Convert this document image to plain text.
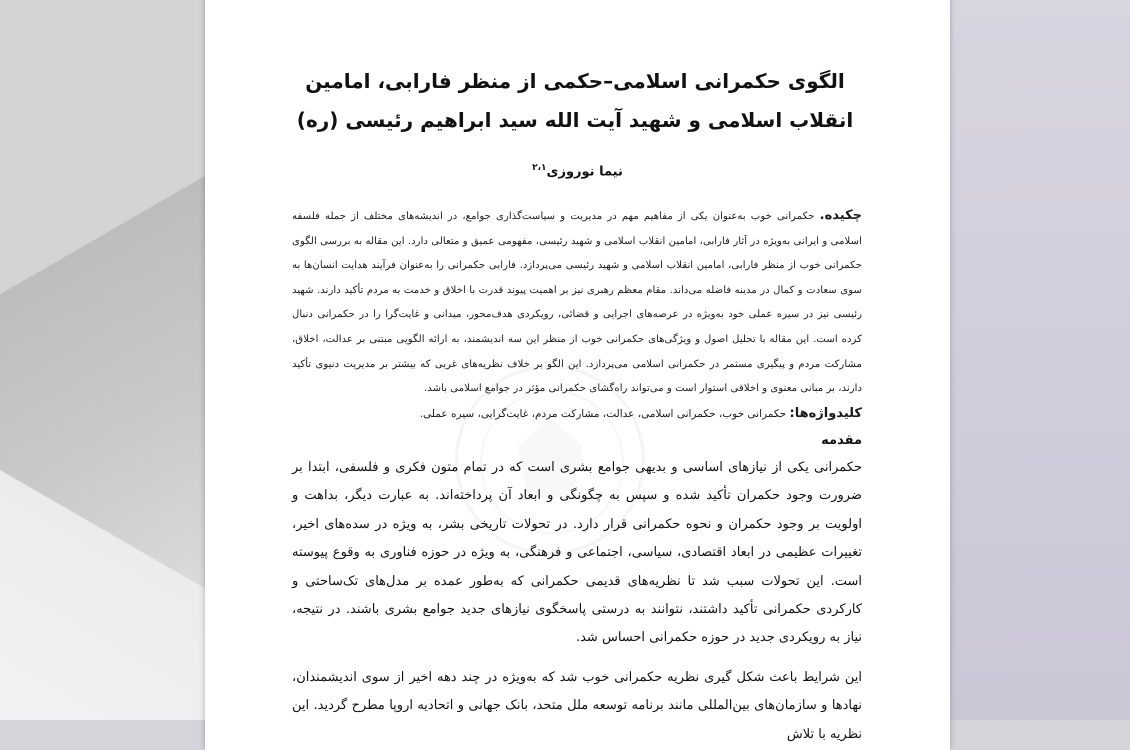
الگوی حکمرانی اسلامی–حکمی از منظر فارابی، امامین انقلاب اسلامی و شهید آیت الله سید ابراهیم رئیسی (ره)
نیما نوروزی$^{۲،۱}$
چکیده. حکمرانی خوب به‌عنوان یکی از مفاهیم مهم در مدیریت و سیاست‌گذاری جوامع، در اندیشه‌های مختلف از جمله فلسفه اسلامی و ایرانی به‌ویژه در آثار فارابی، امامین انقلاب اسلامی و شهید رئیسی، مفهومی عمیق و متعالی دارد. این مقاله به بررسی الگوی حکمرانی خوب از منظر فارابی، امامین انقلاب اسلامی و شهید رئیسی می‌پردازد. فارابی حکمرانی را به‌عنوان فرآیند هدایت انسان‌ها به سوی سعادت و کمال در مدینه فاضله می‌داند. مقام معظم رهبری نیز بر اهمیت پیوند قدرت با اخلاق و خدمت به مردم تأکید دارند. شهید رئیسی نیز در سیره عملی خود به‌ویژه در عرصه‌های اجرایی و قضائی، رویکردی هدف‌محور، میدانی و غایت‌گرا را در حکمرانی دنبال کرده است. این مقاله با تحلیل اصول و ویژگی‌های حکمرانی خوب از منظر این سه اندیشمند، به ارائه الگویی مبتنی بر عدالت، اخلاق، مشارکت مردم و پیگیری مستمر در حکمرانی اسلامی می‌پردازد. این الگو بر خلاف نظریه‌های غربی که بیشتر بر مدیریت دنیوی تأکید دارند، بر مبانی معنوی و اخلاقی استوار است و می‌تواند راه‌گشای حکمرانی مؤثر در جوامع اسلامی باشد.
کلیدواژه‌ها: حکمرانی خوب، حکمرانی اسلامی، عدالت، مشارکت مردم، غایت‌گرایی، سیره عملی.
مقدمه

حکمرانی یکی از نیازهای اساسی و بدیهی جوامع بشری است که در تمام متون فکری و فلسفی، ابتدا بر ضرورت وجود حکمران تأکید شده و سپس به چگونگی و ابعاد آن پرداخته‌اند. به عبارت دیگر، بداهت و اولویت بر وجود حکمران و نحوه حکمرانی قرار دارد. در تحولات تاریخی بشر، به ویژه در سده‌های اخیر، تغییرات عظیمی در ابعاد اقتصادی، سیاسی، اجتماعی و فرهنگی، به ویژه در حوزه فناوری به وقوع پیوسته است. این تحولات سبب شد تا نظریه‌های قدیمی حکمرانی که به‌طور عمده بر مدل‌های تک‌ساحتی و کارکردی حکمرانی تأکید داشتند، نتوانند به درستی پاسخگوی نیازهای جدید جوامع بشری باشند. در نتیجه، نیاز به رویکردی جدید در حوزه حکمرانی احساس شد.

این شرایط باعث شکل گیری نظریه حکمرانی خوب شد که به‌ویژه در چند دهه اخیر از سوی اندیشمندان، نهادها و سازمان‌های بین‌المللی مانند برنامه توسعه ملل متحد، بانک جهانی و اتحادیه اروپا مطرح گردید. این نظریه با تلاش
